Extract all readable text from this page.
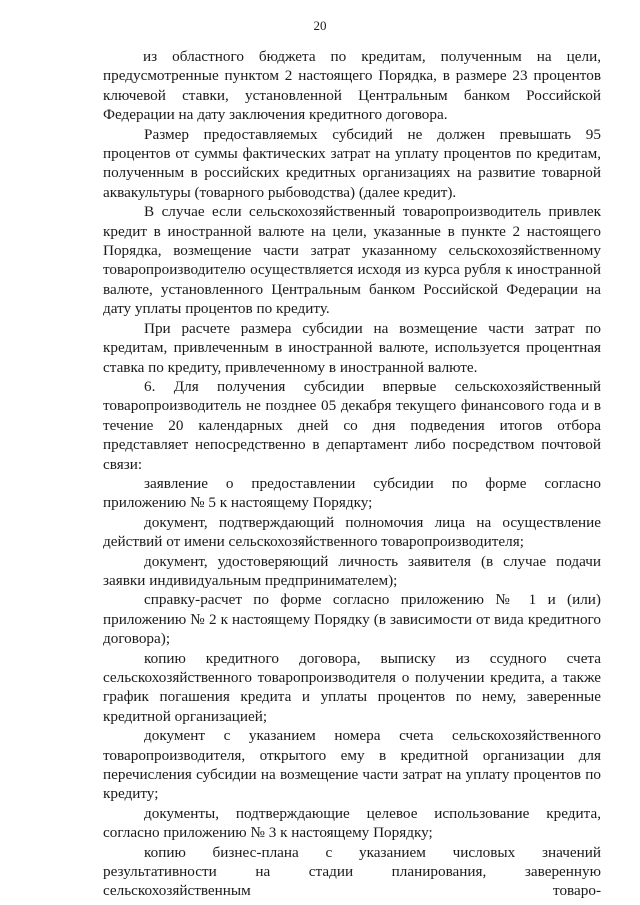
20

из областного бюджета по кредитам, полученным на цели, предусмотренные пунктом 2 настоящего Порядка, в размере 23 процентов ключевой ставки, установленной Центральным банком Российской Федерации на дату заключения кредитного договора.

Размер предоставляемых субсидий не должен превышать 95 процентов от суммы фактических затрат на уплату процентов по кредитам, полученным в российских кредитных организациях на развитие товарной аквакультуры (товарного рыбоводства) (далее кредит).

В случае если сельскохозяйственный товаропроизводитель привлек кредит в иностранной валюте на цели, указанные в пункте 2 настоящего Порядка, возмещение части затрат указанному сельскохозяйственному товаропроизводителю осуществляется исходя из курса рубля к иностранной валюте, установленного Центральным банком Российской Федерации на дату уплаты процентов по кредиту.

При расчете размера субсидии на возмещение части затрат по кредитам, привлеченным в иностранной валюте, используется процентная ставка по кредиту, привлеченному в иностранной валюте.

6. Для получения субсидии впервые сельскохозяйственный товаропроизводитель не позднее 05 декабря текущего финансового года и в течение 20 календарных дней со дня подведения итогов отбора представляет непосредственно в департамент либо посредством почтовой связи:

заявление о предоставлении субсидии по форме согласно приложению № 5 к настоящему Порядку;

документ, подтверждающий полномочия лица на осуществление действий от имени сельскохозяйственного товаропроизводителя;

документ, удостоверяющий личность заявителя (в случае подачи заявки индивидуальным предпринимателем);

справку-расчет по форме согласно приложению № 1 и (или) приложению № 2 к настоящему Порядку (в зависимости от вида кредитного договора);

копию кредитного договора, выписку из ссудного счета сельскохозяйственного товаропроизводителя о получении кредита, а также график погашения кредита и уплаты процентов по нему, заверенные кредитной организацией;

документ с указанием номера счета сельскохозяйственного товаропроизводителя, открытого ему в кредитной организации для перечисления субсидии на возмещение части затрат на уплату процентов по кредиту;

документы, подтверждающие целевое использование кредита, согласно приложению № 3 к настоящему Порядку;

копию бизнес-плана с указанием числовых значений результативности на стадии планирования, заверенную сельскохозяйственным товаро-
